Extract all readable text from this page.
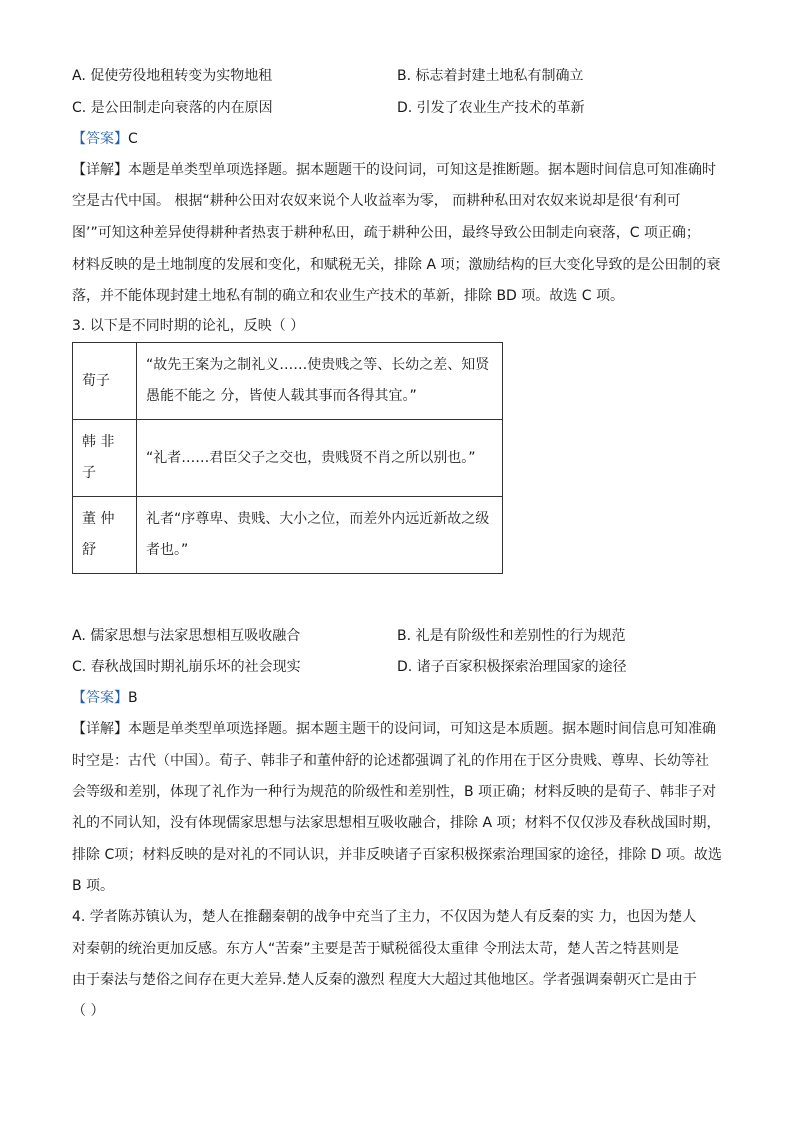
A. 促使劳役地租转变为实物地租	B. 标志着封建土地私有制确立
C. 是公田制走向衰落的内在原因	D. 引发了农业生产技术的革新
【答案】C
【详解】本题是单类型单项选择题。据本题题干的设问词，可知这是推断题。据本题时间信息可知准确时
空是古代中国。 根据“耕种公田对农奴来说个人收益率为零， 而耕种私田对农奴来说却是很‘有利可
图’”可知这种差异使得耕种者热衷于耕种私田，疏于耕种公田，最终导致公田制走向衰落，C 项正确；
材料反映的是土地制度的发展和变化，和赋税无关，排除 A 项；激励结构的巨大变化导致的是公田制的衰
落，并不能体现封建土地私有制的确立和农业生产技术的革新，排除 BD 项。故选 C 项。
3. 以下是不同时期的论礼，反映（ ）
荀子	“故先王案为之制礼义……使贵贱之等、长幼之差、知贤愚能不能之 分，皆使人载其事而各得其宜。”

韩 非 子	“礼者……君臣父子之交也，贵贱贤不肖之所以别也。”

董 仲 舒	礼者“序尊卑、贵贱、大小之位，而差外内远近新故之级者也。”
A. 儒家思想与法家思想相互吸收融合	B. 礼是有阶级性和差别性的行为规范
C. 春秋战国时期礼崩乐坏的社会现实	D. 诸子百家积极探索治理国家的途径
【答案】B
【详解】本题是单类型单项选择题。据本题主题干的设问词，可知这是本质题。据本题时间信息可知准确
时空是：古代（中国）。荀子、韩非子和董仲舒的论述都强调了礼的作用在于区分贵贱、尊卑、长幼等社
会等级和差别，体现了礼作为一种行为规范的阶级性和差别性，B 项正确；材料反映的是荀子、韩非子对
礼的不同认知，没有体现儒家思想与法家思想相互吸收融合，排除 A 项；材料不仅仅涉及春秋战国时期，
排除 C项；材料反映的是对礼的不同认识，并非反映诸子百家积极探索治理国家的途径，排除 D 项。故选
B 项。
4. 学者陈苏镇认为，楚人在推翻秦朝的战争中充当了主力，不仅因为楚人有反秦的实 力，也因为楚人
对秦朝的统治更加反感。东方人“苦秦”主要是苦于赋税徭役太重律 令刑法太苛，楚人苦之特甚则是
由于秦法与楚俗之间存在更大差异.楚人反秦的激烈 程度大大超过其他地区。学者强调秦朝灭亡是由于
（ ）
